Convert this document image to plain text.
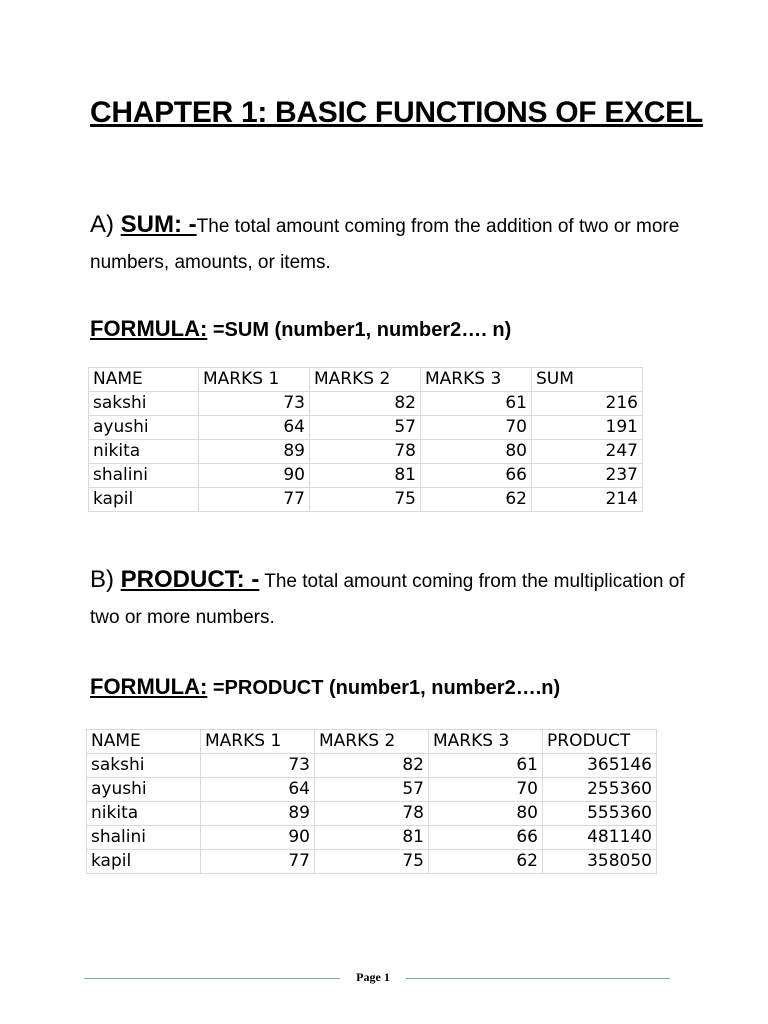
CHAPTER 1: BASIC FUNCTIONS OF EXCEL
A) SUM: -The total amount coming from the addition of two or more numbers, amounts, or items.
FORMULA: =SUM (number1, number2…. n)
NAME	MARKS 1	MARKS 2	MARKS 3	SUM
sakshi	73	82	61	216
ayushi	64	57	70	191
nikita	89	78	80	247
shalini	90	81	66	237
kapil	77	75	62	214
B) PRODUCT: - The total amount coming from the multiplication of two or more numbers.
FORMULA: =PRODUCT (number1, number2….n)
NAME	MARKS 1	MARKS 2	MARKS 3	PRODUCT
sakshi	73	82	61	365146
ayushi	64	57	70	255360
nikita	89	78	80	555360
shalini	90	81	66	481140
kapil	77	75	62	358050
Page 1
